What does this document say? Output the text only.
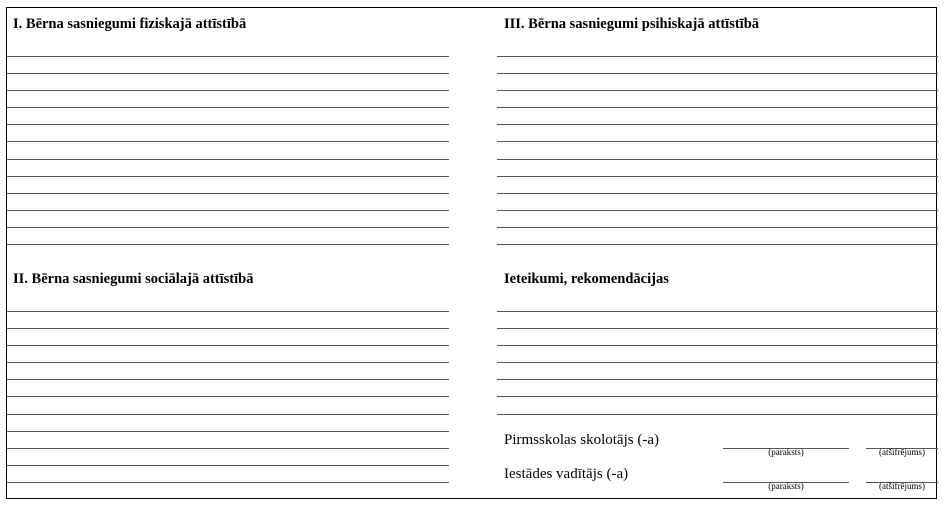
I. Bērna sasniegumi fiziskajā attīstībā	III. Bērna sasniegumi psihiskajā attīstībā
II. Bērna sasniegumi sociālajā attīstībā	Ieteikumi, rekomendācijas
Pirmsskolas skolotājs (-a)
(paraksts)	(atšifrējums)
Iestādes vadītājs (-a)
(paraksts)	(atšifrējums)
